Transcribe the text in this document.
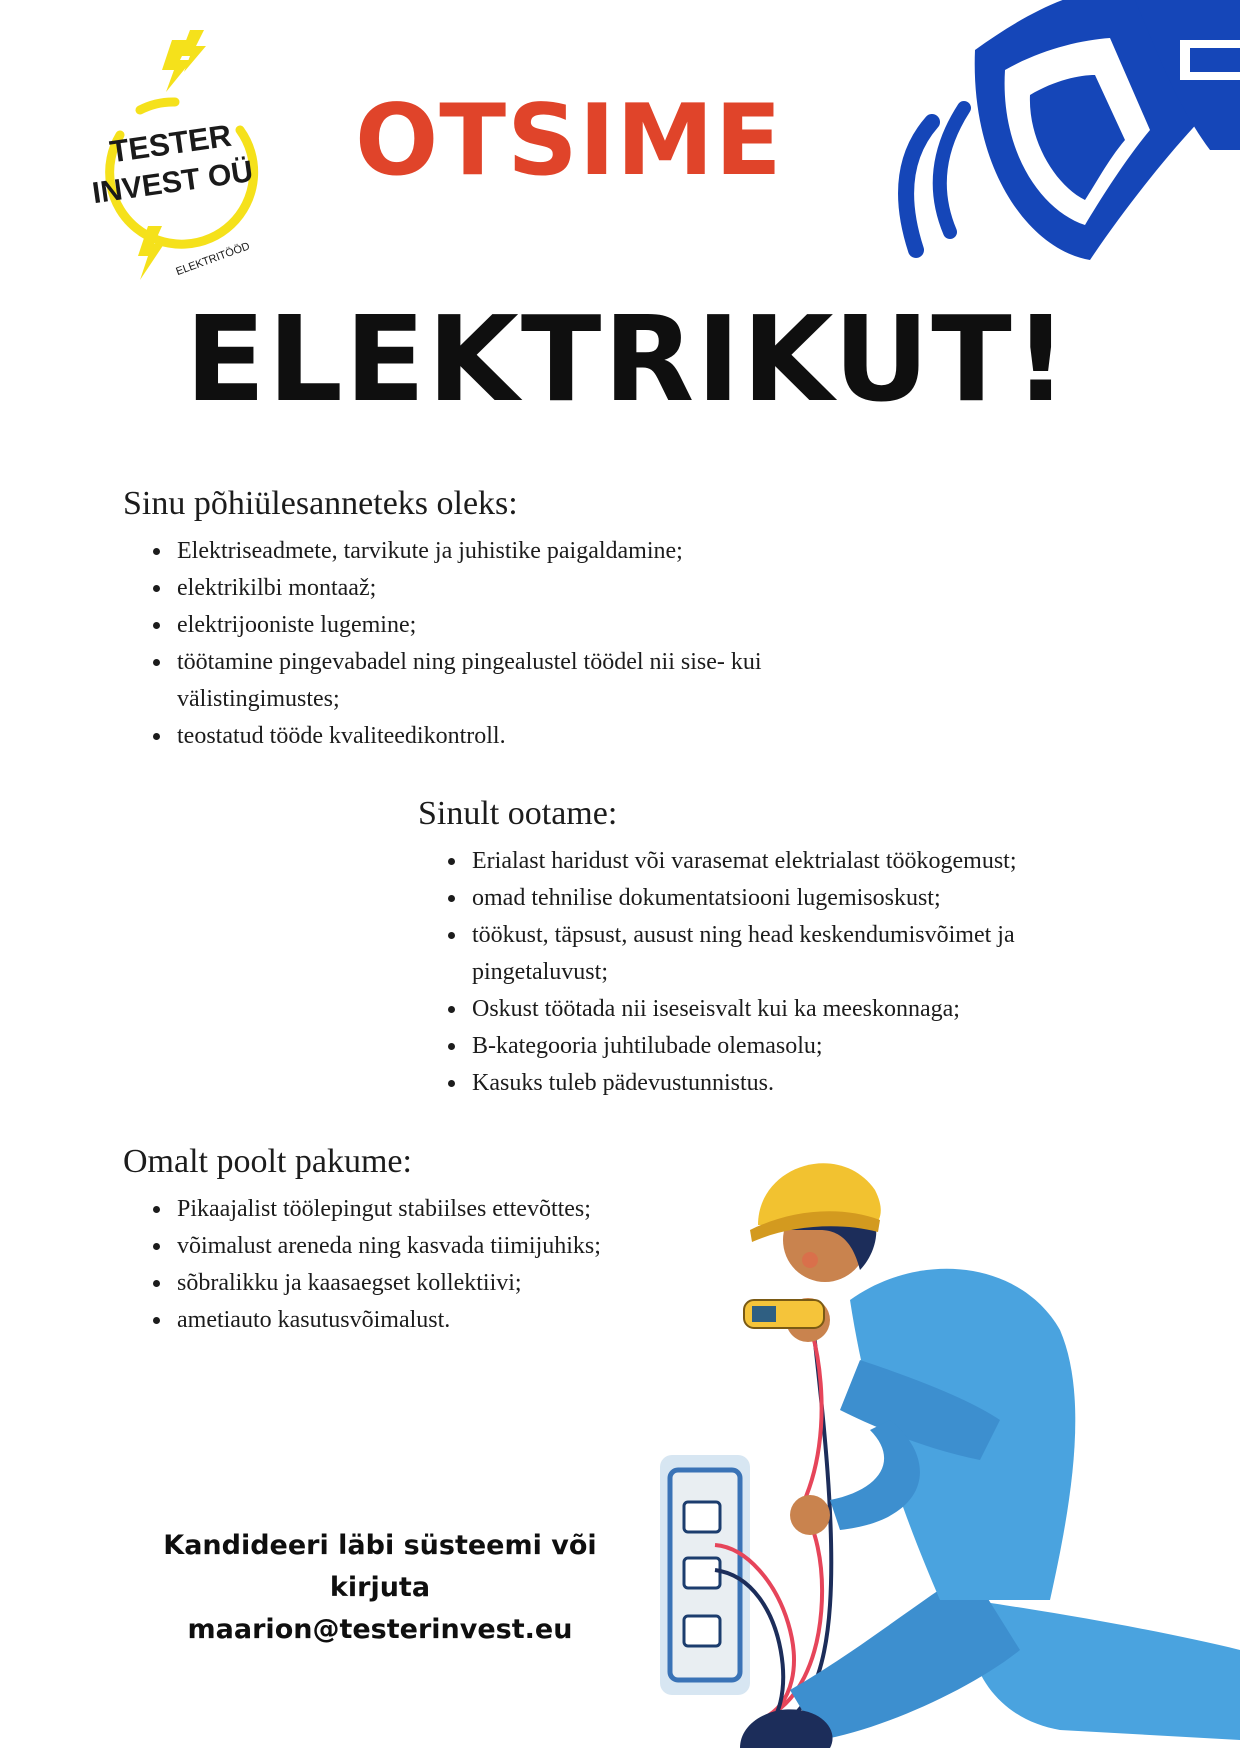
TESTER
INVEST OÜ
ELEKTRITÖÖD
OTSIME
ELEKTRIKUT!
Sinu põhiülesanneteks oleks:
• Elektriseadmete, tarvikute ja juhistike paigaldamine;
• elektrikilbi montaaž;
• elektrijooniste lugemine;
• töötamine pingevabadel ning pingealustel töödel nii sise- kui välistingimustes;
• teostatud tööde kvaliteedikontroll.
Sinult ootame:
• Erialast haridust või varasemat elektrialast töökogemust;
• omad tehnilise dokumentatsiooni lugemisoskust;
• töökust, täpsust, ausust ning head keskendumisvõimet ja pingetaluvust;
• Oskust töötada nii iseseisvalt kui ka meeskonnaga;
• B-kategooria juhtilubade olemasolu;
• Kasuks tuleb pädevustunnistus.
Omalt poolt pakume:
• Pikaajalist töölepingut stabiilses ettevõttes;
• võimalust areneda ning kasvada tiimijuhiks;
• sõbralikku ja kaasaegset kollektiivi;
• ametiauto kasutusvõimalust.
Kandideeri läbi süsteemi või kirjuta
maarion@testerinvest.eu
